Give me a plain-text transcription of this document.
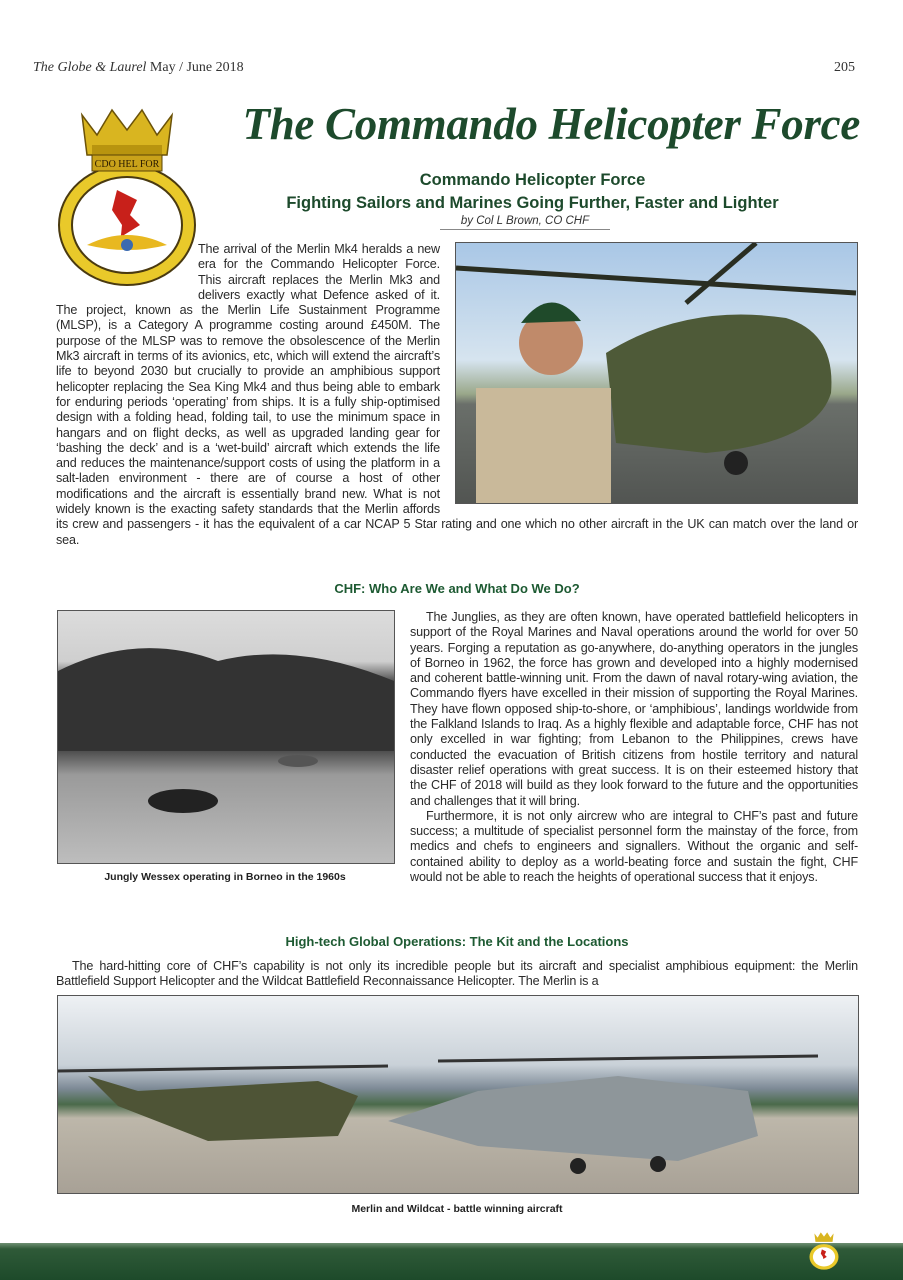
The Globe & Laurel May / June 2018	205
CDO HEL FOR
The Commando Helicopter Force
Commando Helicopter Force
Fighting Sailors and Marines Going Further, Faster and Lighter
by Col L Brown, CO CHF

The arrival of the Merlin Mk4 heralds a new era for the Commando Helicopter Force. This aircraft replaces the Merlin Mk3 and delivers exactly what Defence asked of it. The project, known as the Merlin Life Sustainment Programme (MLSP), is a Category A programme costing around £450M. The purpose of the MLSP was to remove the obsolescence of the Merlin Mk3 aircraft in terms of its avionics, etc, which will extend the aircraft’s life to beyond 2030 but crucially to provide an amphibious support helicopter replacing the Sea King Mk4 and thus being able to embark for enduring periods ‘operating’ from ships. It is a fully ship-optimised design with a folding head, folding tail, to use the minimum space in hangars and on flight decks, as well as upgraded landing gear for ‘bashing the deck’ and is a ‘wet-build’ aircraft which extends the life and reduces the maintenance/support costs of using the platform in a salt-laden environment - there are of course a host of other modifications and the aircraft is essentially brand new. What is not widely known is the exacting safety standards that the Merlin affords its crew and passengers - it has the equivalent of a car NCAP 5 Star rating and one which no other aircraft in the UK can match over the land or sea.

CHF: Who Are We and What Do We Do?

The Junglies, as they are often known, have operated battlefield helicopters in support of the Royal Marines and Naval operations around the world for over 50 years. Forging a reputation as go-anywhere, do-anything operators in the jungles of Borneo in 1962, the force has grown and developed into a highly modernised and coherent battle-winning unit. From the dawn of naval rotary-wing aviation, the Commando flyers have excelled in their mission of supporting the Royal Marines. They have flown opposed ship-to-shore, or ‘amphibious’, landings worldwide from the Falkland Islands to Iraq. As a highly flexible and adaptable force, CHF has not only excelled in war fighting; from Lebanon to the Philippines, crews have conducted the evacuation of British citizens from hostile territory and natural disaster relief operations with great success. It is on their esteemed history that the CHF of 2018 will build as they look forward to the future and the opportunities and challenges that it will bring.

Furthermore, it is not only aircrew who are integral to CHF’s past and future success; a multitude of specialist personnel form the mainstay of the force, from medics and chefs to engineers and signallers. Without the organic and self-contained ability to deploy as a world-beating force and sustain the fight, CHF would not be able to reach the heights of operational success that it enjoys.

Jungly Wessex operating in Borneo in the 1960s
High-tech Global Operations: The Kit and the Locations

The hard-hitting core of CHF’s capability is not only its incredible people but its aircraft and specialist amphibious equipment: the Merlin Battlefield Support Helicopter and the Wildcat Battlefield Reconnaissance Helicopter. The Merlin is a

Merlin and Wildcat - battle winning aircraft
